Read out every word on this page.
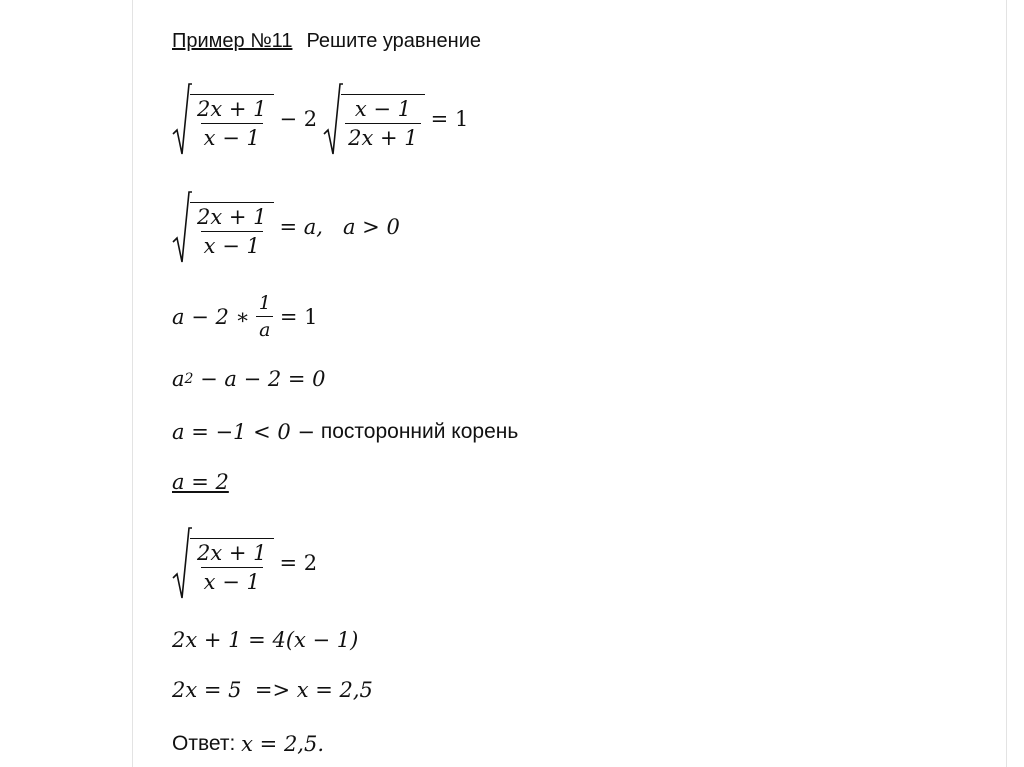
Пример №11 Решите уравнение
$\frac{2x + 1}{x - 1} - 2 \frac{x - 1}{2x + 1} = 1$
$\frac{2x + 1}{x - 1} = a$, a > 0
a − 2 ∗ $\frac{1}{a} = 1$
a 2 − a − 2 = 0
a = −1 < 0 − посторонний корень
a = 2
$\frac{2x + 1}{x - 1} = 2$
2x + 1 = 4(x − 1)
2x = 5  => x = 2,5
Ответ: x = 2,5.
